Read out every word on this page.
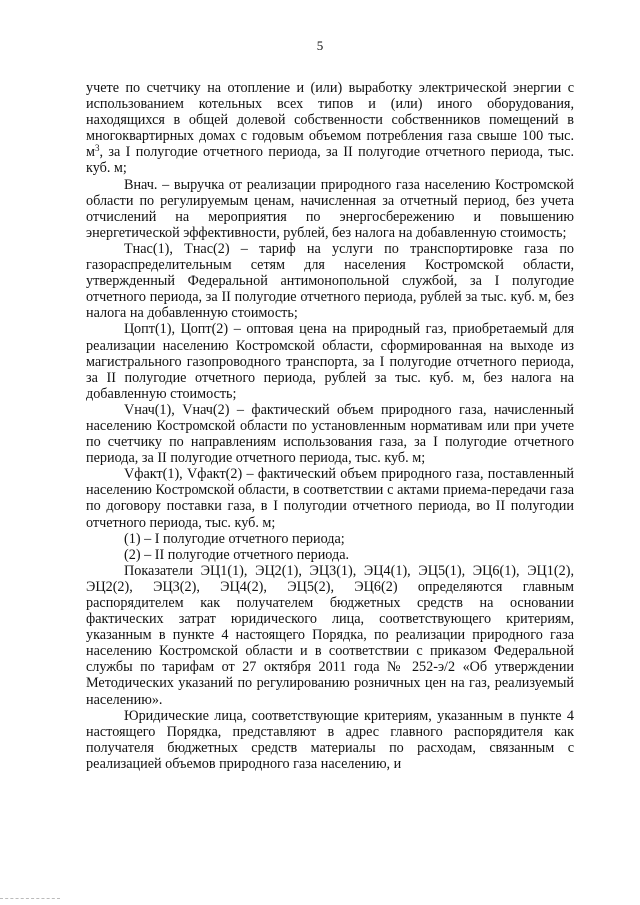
5

учете по счетчику на отопление и (или) выработку электрической энергии с использованием котельных всех типов и (или) иного оборудования, находящихся в общей долевой собственности собственников помещений в многоквартирных домах с годовым объемом потребления газа свыше 100 тыс. $м^3$, за I полугодие отчетного периода, за II полугодие отчетного периода, тыс. куб. м;

Внач. – выручка от реализации природного газа населению Костромской области по регулируемым ценам, начисленная за отчетный период, без учета отчислений на мероприятия по энергосбережению и повышению энергетической эффективности, рублей, без налога на добавленную стоимость;

Тнас(1), Тнас(2) – тариф на услуги по транспортировке газа по газораспределительным сетям для населения Костромской области, утвержденный Федеральной антимонопольной службой, за I полугодие отчетного периода, за II полугодие отчетного периода, рублей за тыс. куб. м, без налога на добавленную стоимость;

Цопт(1), Цопт(2) – оптовая цена на природный газ, приобретаемый для реализации населению Костромской области, сформированная на выходе из магистрального газопроводного транспорта, за I полугодие отчетного периода, за II полугодие отчетного периода, рублей за тыс. куб. м, без налога на добавленную стоимость;

Vнач(1), Vнач(2) – фактический объем природного газа, начисленный населению Костромской области по установленным нормативам или при учете по счетчику по направлениям использования газа, за I полугодие отчетного периода, за II полугодие отчетного периода, тыс. куб. м;

Vфакт(1), Vфакт(2) – фактический объем природного газа, поставленный населению Костромской области, в соответствии с актами приема-передачи газа по договору поставки газа, в I полугодии отчетного периода, во II полугодии отчетного периода, тыс. куб. м;

(1) – I полугодие отчетного периода;

(2) – II полугодие отчетного периода.

Показатели ЭЦ1(1), ЭЦ2(1), ЭЦ3(1), ЭЦ4(1), ЭЦ5(1), ЭЦ6(1), ЭЦ1(2), ЭЦ2(2), ЭЦ3(2), ЭЦ4(2), ЭЦ5(2), ЭЦ6(2) определяются главным распорядителем как получателем бюджетных средств на основании фактических затрат юридического лица, соответствующего критериям, указанным в пункте 4 настоящего Порядка, по реализации природного газа населению Костромской области и в соответствии с приказом Федеральной службы по тарифам от 27 октября 2011 года № 252-э/2 «Об утверждении Методических указаний по регулированию розничных цен на газ, реализуемый населению».

Юридические лица, соответствующие критериям, указанным в пункте 4 настоящего Порядка, представляют в адрес главного распорядителя как получателя бюджетных средств материалы по расходам, связанным с реализацией объемов природного газа населению, и
